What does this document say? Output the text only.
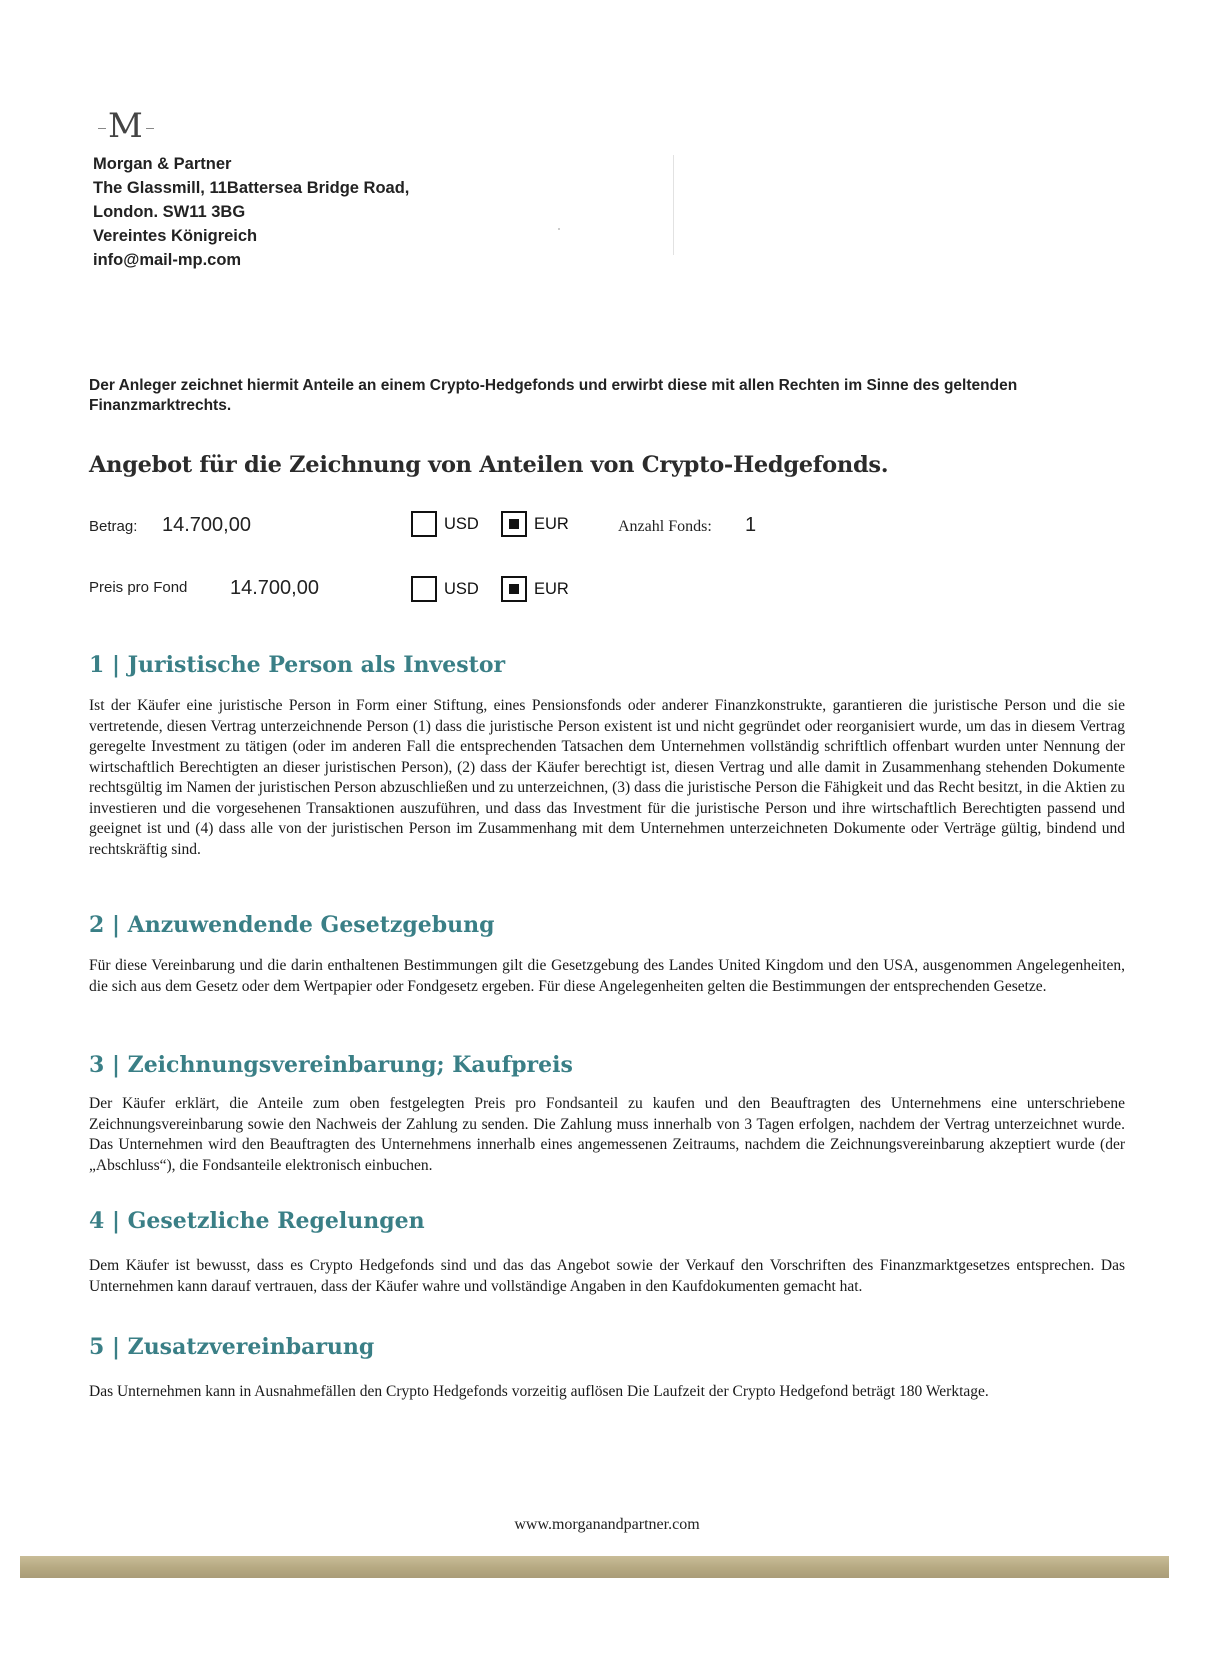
M
Morgan & Partner
The Glassmill, 11Battersea Bridge Road,
London. SW11 3BG
Vereintes Königreich
info@mail-mp.com
Der Anleger zeichnet hiermit Anteile an einem Crypto-Hedgefonds und erwirbt diese mit allen Rechten im Sinne des geltenden Finanzmarktrechts.
Angebot für die Zeichnung von Anteilen von Crypto-Hedgefonds.
Betrag: 14.700,00	USD	EUR	Anzahl Fonds: 1
Preis pro Fond 14.700,00	USD	EUR
1 | Juristische Person als Investor
Ist der Käufer eine juristische Person in Form einer Stiftung, eines Pensionsfonds oder anderer Finanzkonstrukte, garantieren die juristische Person und die sie vertretende, diesen Vertrag unterzeichnende Person (1) dass die juristische Person existent ist und nicht gegründet oder reorganisiert wurde, um das in diesem Vertrag geregelte Investment zu tätigen (oder im anderen Fall die entsprechenden Tatsachen dem Unternehmen vollständig schriftlich offenbart wurden unter Nennung der wirtschaftlich Berechtigten an dieser juristischen Person), (2) dass der Käufer berechtigt ist, diesen Vertrag und alle damit in Zusammenhang stehenden Dokumente rechtsgültig im Namen der juristischen Person abzuschließen und zu unterzeichnen, (3) dass die juristische Person die Fähigkeit und das Recht besitzt, in die Aktien zu investieren und die vorgesehenen Transaktionen auszuführen, und dass das Investment für die juristische Person und ihre wirtschaftlich Berechtigten passend und geeignet ist und (4) dass alle von der juristischen Person im Zusammenhang mit dem Unternehmen unterzeichneten Dokumente oder Verträge gültig, bindend und rechtskräftig sind.
2 | Anzuwendende Gesetzgebung
Für diese Vereinbarung und die darin enthaltenen Bestimmungen gilt die Gesetzgebung des Landes United Kingdom und den USA, ausgenommen Angelegenheiten, die sich aus dem Gesetz oder dem Wertpapier oder Fondgesetz ergeben. Für diese Angelegenheiten gelten die Bestimmungen der entsprechenden Gesetze.
3 | Zeichnungsvereinbarung; Kaufpreis
Der Käufer erklärt, die Anteile zum oben festgelegten Preis pro Fondsanteil zu kaufen und den Beauftragten des Unternehmens eine unterschriebene Zeichnungsvereinbarung sowie den Nachweis der Zahlung zu senden. Die Zahlung muss innerhalb von 3 Tagen erfolgen, nachdem der Vertrag unterzeichnet wurde. Das Unternehmen wird den Beauftragten des Unternehmens innerhalb eines angemessenen Zeitraums, nachdem die Zeichnungsvereinbarung akzeptiert wurde (der „Abschluss“), die Fondsanteile elektronisch einbuchen.
4 | Gesetzliche Regelungen
Dem Käufer ist bewusst, dass es Crypto Hedgefonds sind und das das Angebot sowie der Verkauf den Vorschriften des Finanzmarktgesetzes entsprechen. Das Unternehmen kann darauf vertrauen, dass der Käufer wahre und vollständige Angaben in den Kaufdokumenten gemacht hat.
5 | Zusatzvereinbarung
Das Unternehmen kann in Ausnahmefällen den Crypto Hedgefonds vorzeitig auflösen Die Laufzeit der Crypto Hedgefond beträgt 180 Werktage.
www.morganandpartner.com
